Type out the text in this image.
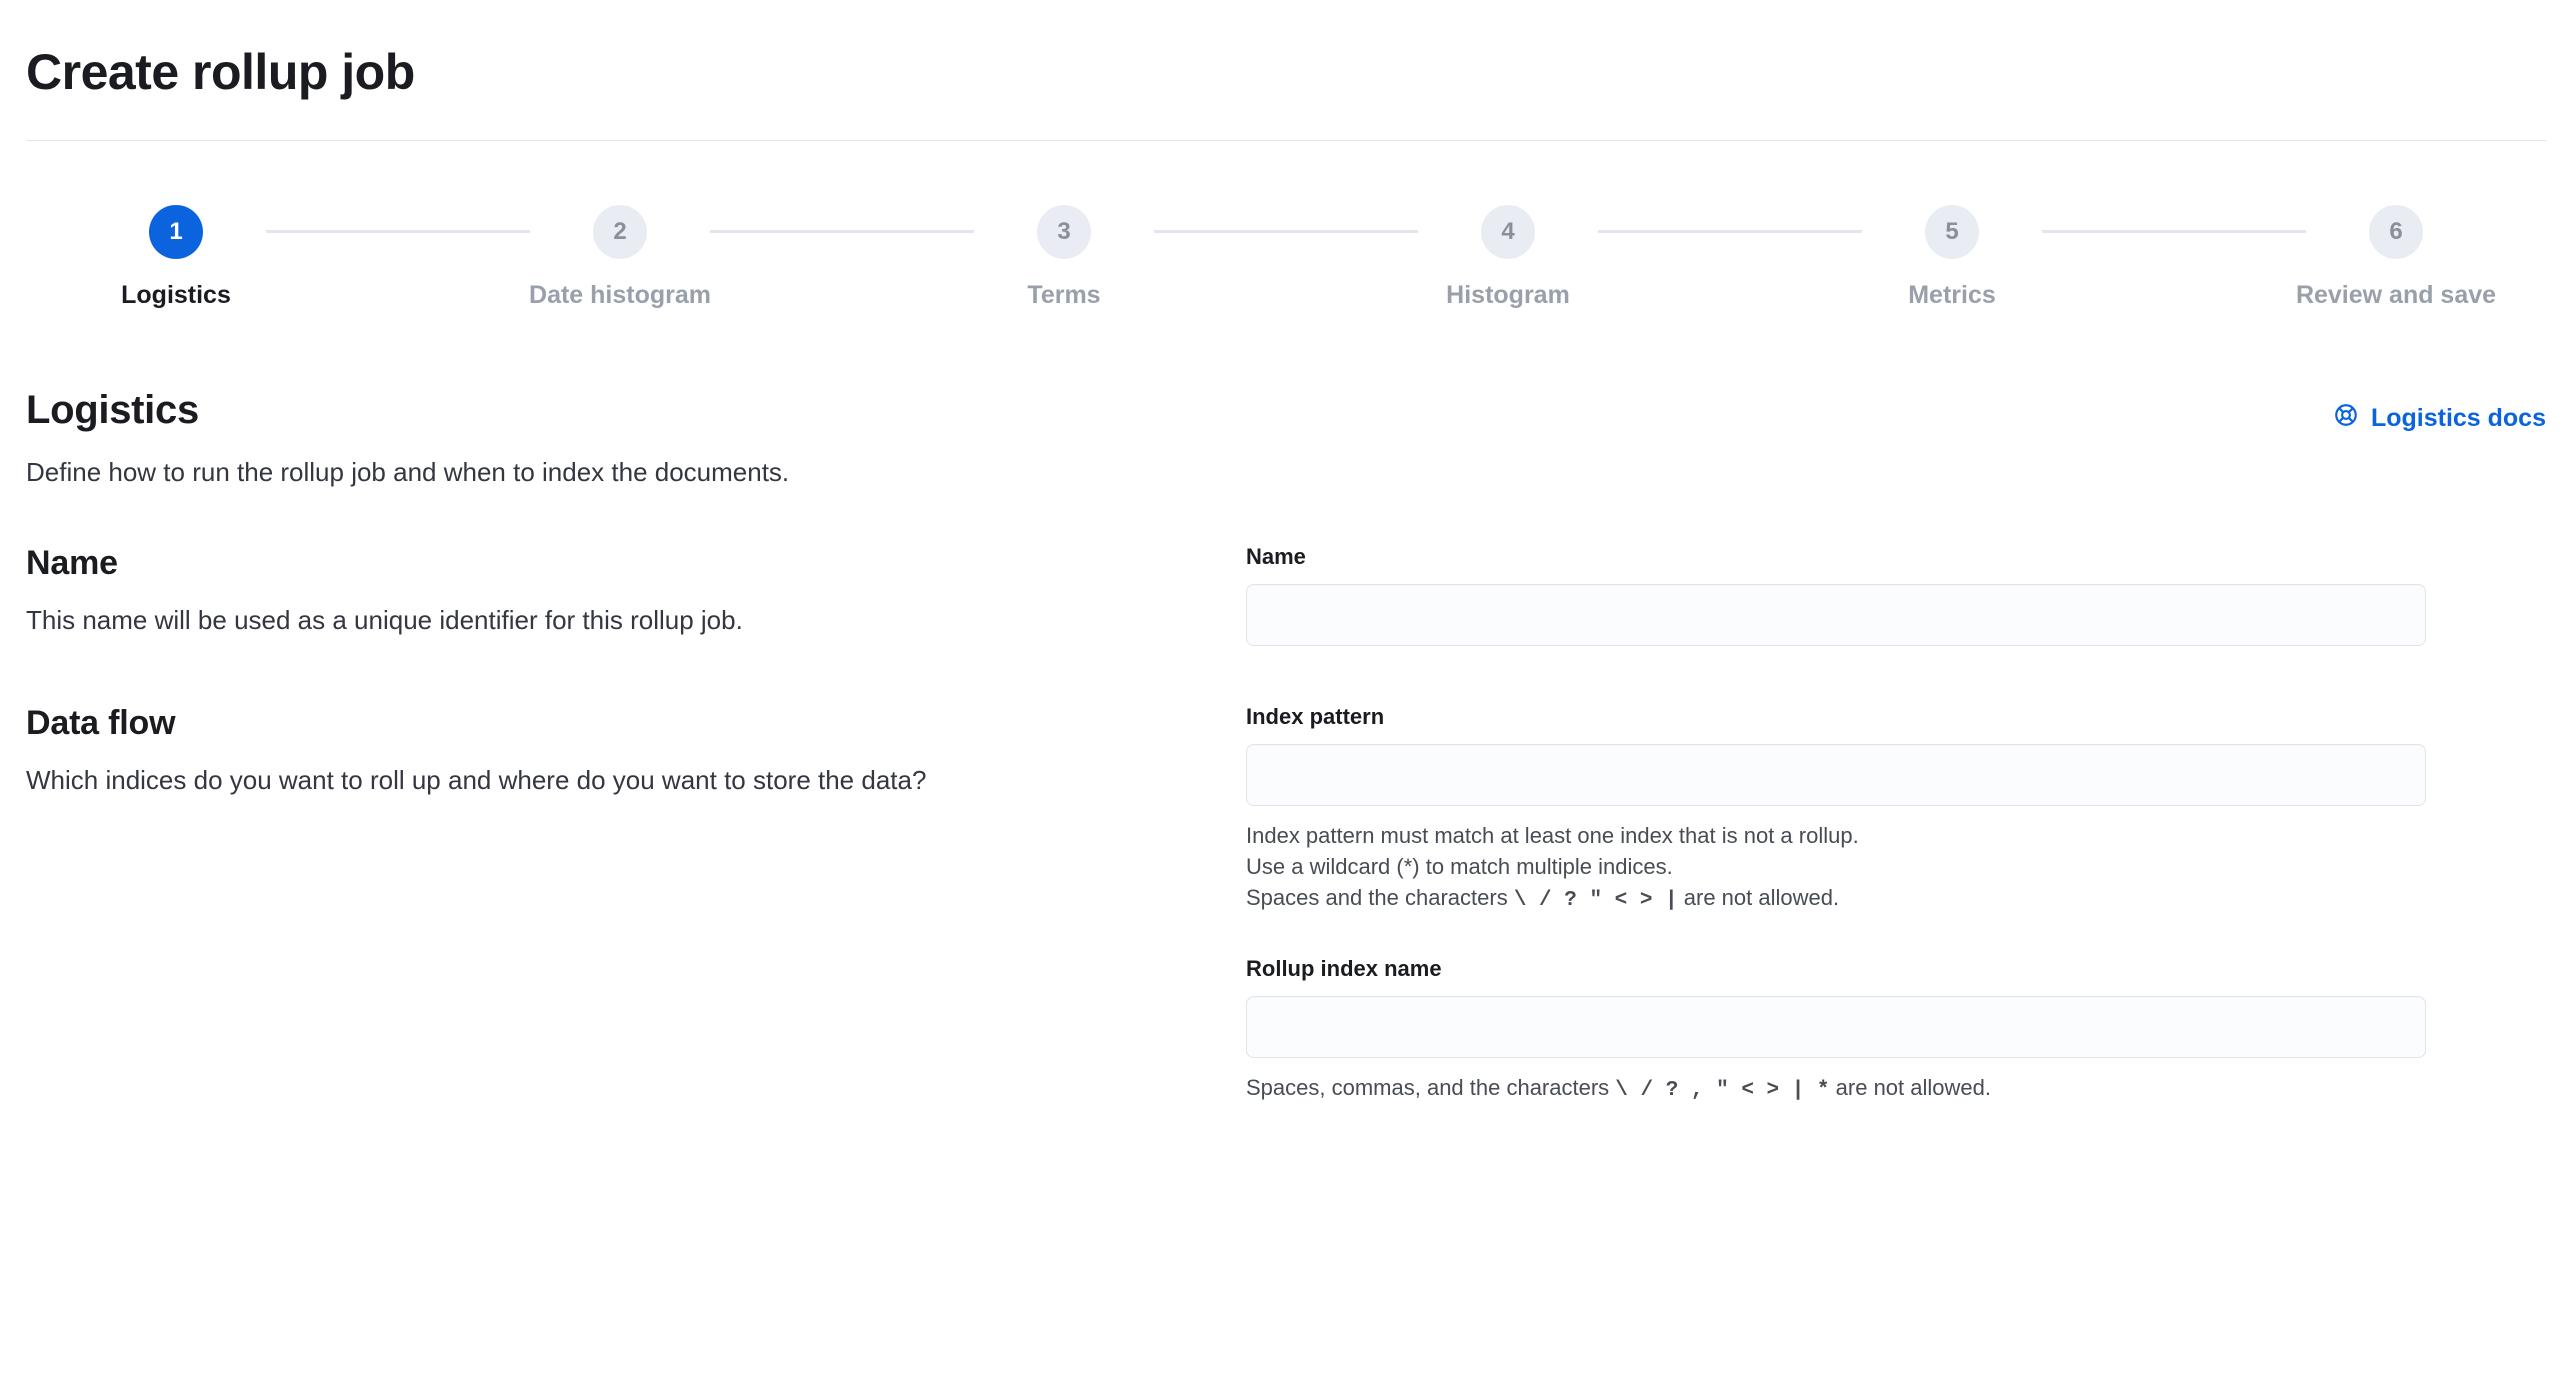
Create rollup job
1
Logistics
2
Date histogram
3
Terms
4
Histogram
5
Metrics
6
Review and save
Logistics	Logistics docs

Define how to run the rollup job and when to index the documents.

Name

This name will be used as a unique identifier for this rollup job.

Name
Data flow

Which indices do you want to roll up and where do you want to store the data?

Index pattern

Index pattern must match at least one index that is not a rollup.
Use a wildcard (*) to match multiple indices.
Spaces and the characters \ / ? " < > | are not allowed.

Rollup index name

Spaces, commas, and the characters \ / ? , " < > | * are not allowed.
